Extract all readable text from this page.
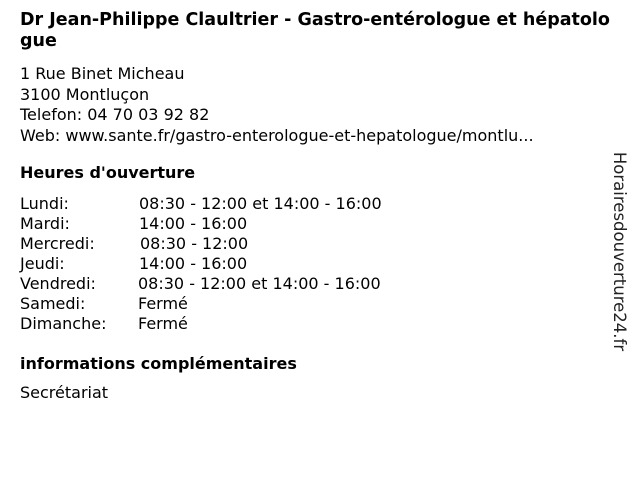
Dr Jean-Philippe Claultrier - Gastro-entérologue et hépatologue
1 Rue Binet Micheau
3100 Montluçon
Telefon: 04 70 03 92 82
Web: www.sante.fr/gastro-enterologue-et-hepatologue/montlu...
Heures d'ouverture
Lundi:	08:30 - 12:00 et 14:00 - 16:00
Mardi:	14:00 - 16:00
Mercredi:	08:30 - 12:00
Jeudi:	14:00 - 16:00
Vendredi:	08:30 - 12:00 et 14:00 - 16:00
Samedi:	Fermé
Dimanche: Fermé
informations complémentaires
Secrétariat
Horairesdouverture24.fr
